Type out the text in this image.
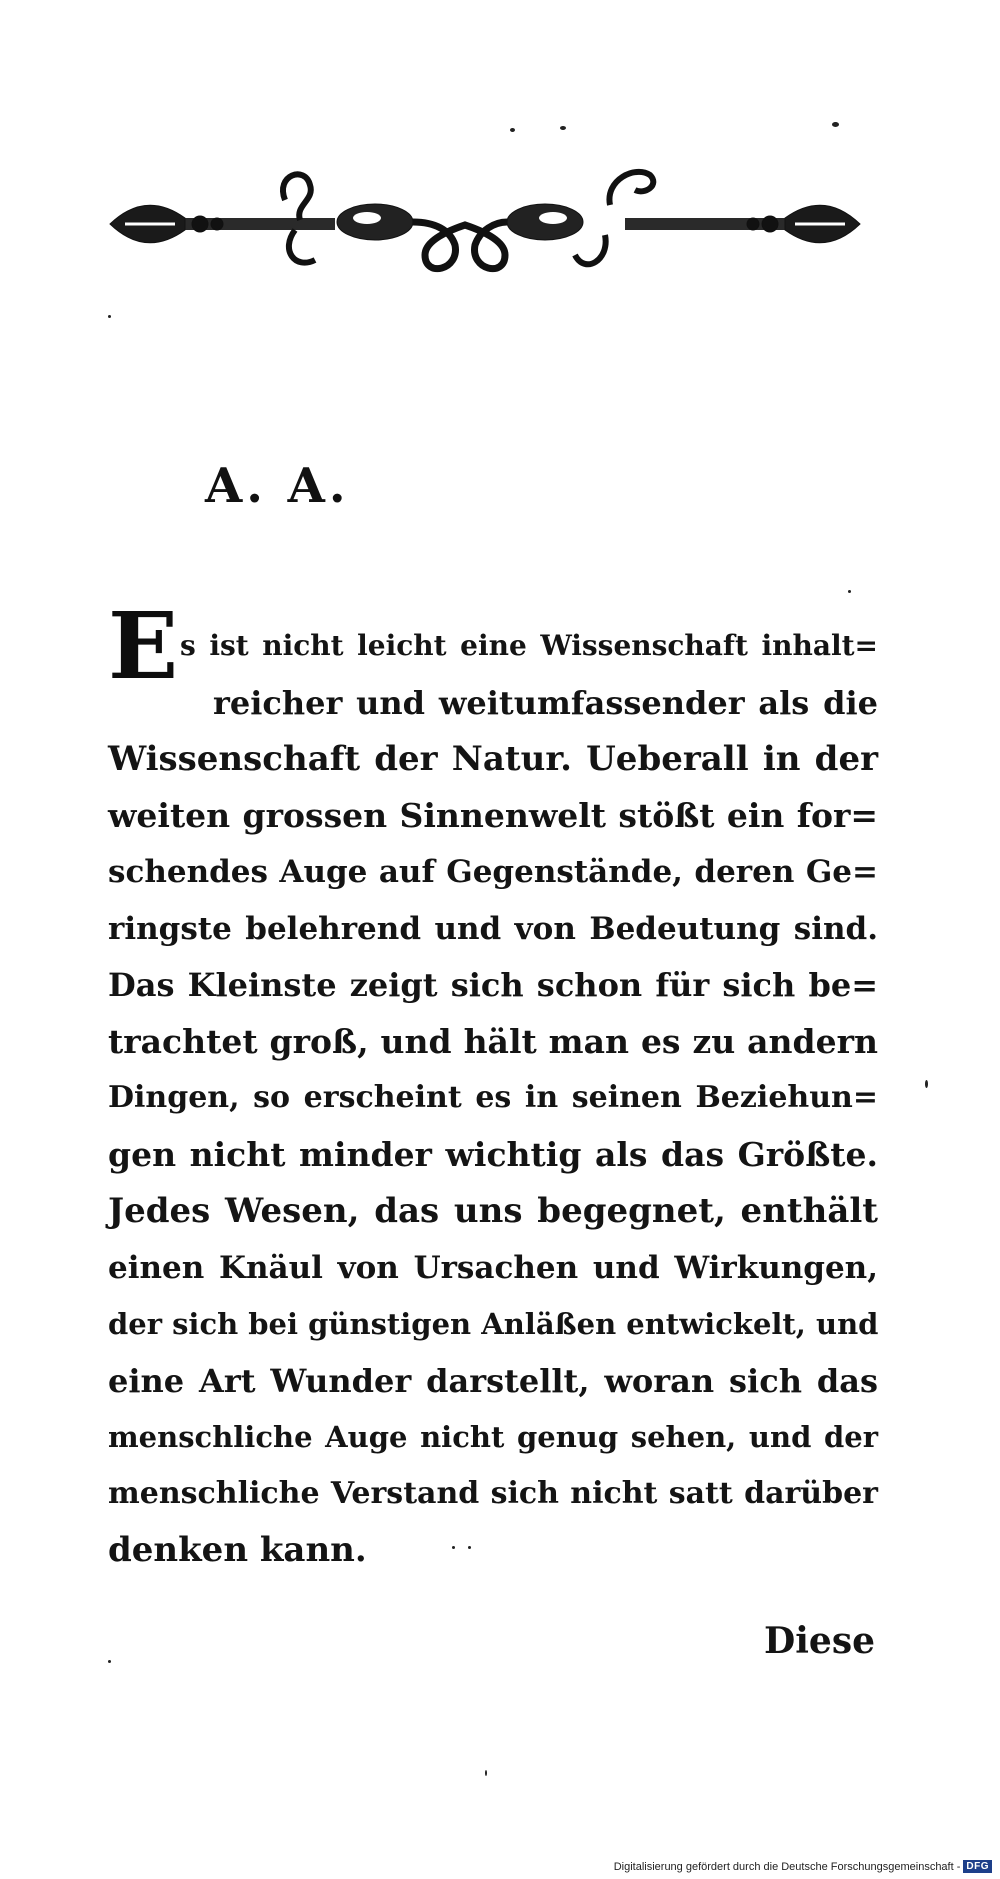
A. A.
E s ist nicht leicht eine Wissenschaft inhalt=
reicher und weitumfassender als die
Wissenschaft der Natur. Ueberall in der
weiten grossen Sinnenwelt stößt ein for=
schendes Auge auf Gegenstände, deren Ge=
ringste belehrend und von Bedeutung sind.
Das Kleinste zeigt sich schon für sich be=
trachtet groß, und hält man es zu andern
Dingen, so erscheint es in seinen Beziehun=
gen nicht minder wichtig als das Größte.
Jedes Wesen, das uns begegnet, enthält
einen Knäul von Ursachen und Wirkungen,
der sich bei günstigen Anläßen entwickelt, und
eine Art Wunder darstellt, woran sich das
menschliche Auge nicht genug sehen, und der
menschliche Verstand sich nicht satt darüber
denken kann.
Diese
Digitalisierung gefördert durch die Deutsche Forschungsgemeinschaft - DFG
